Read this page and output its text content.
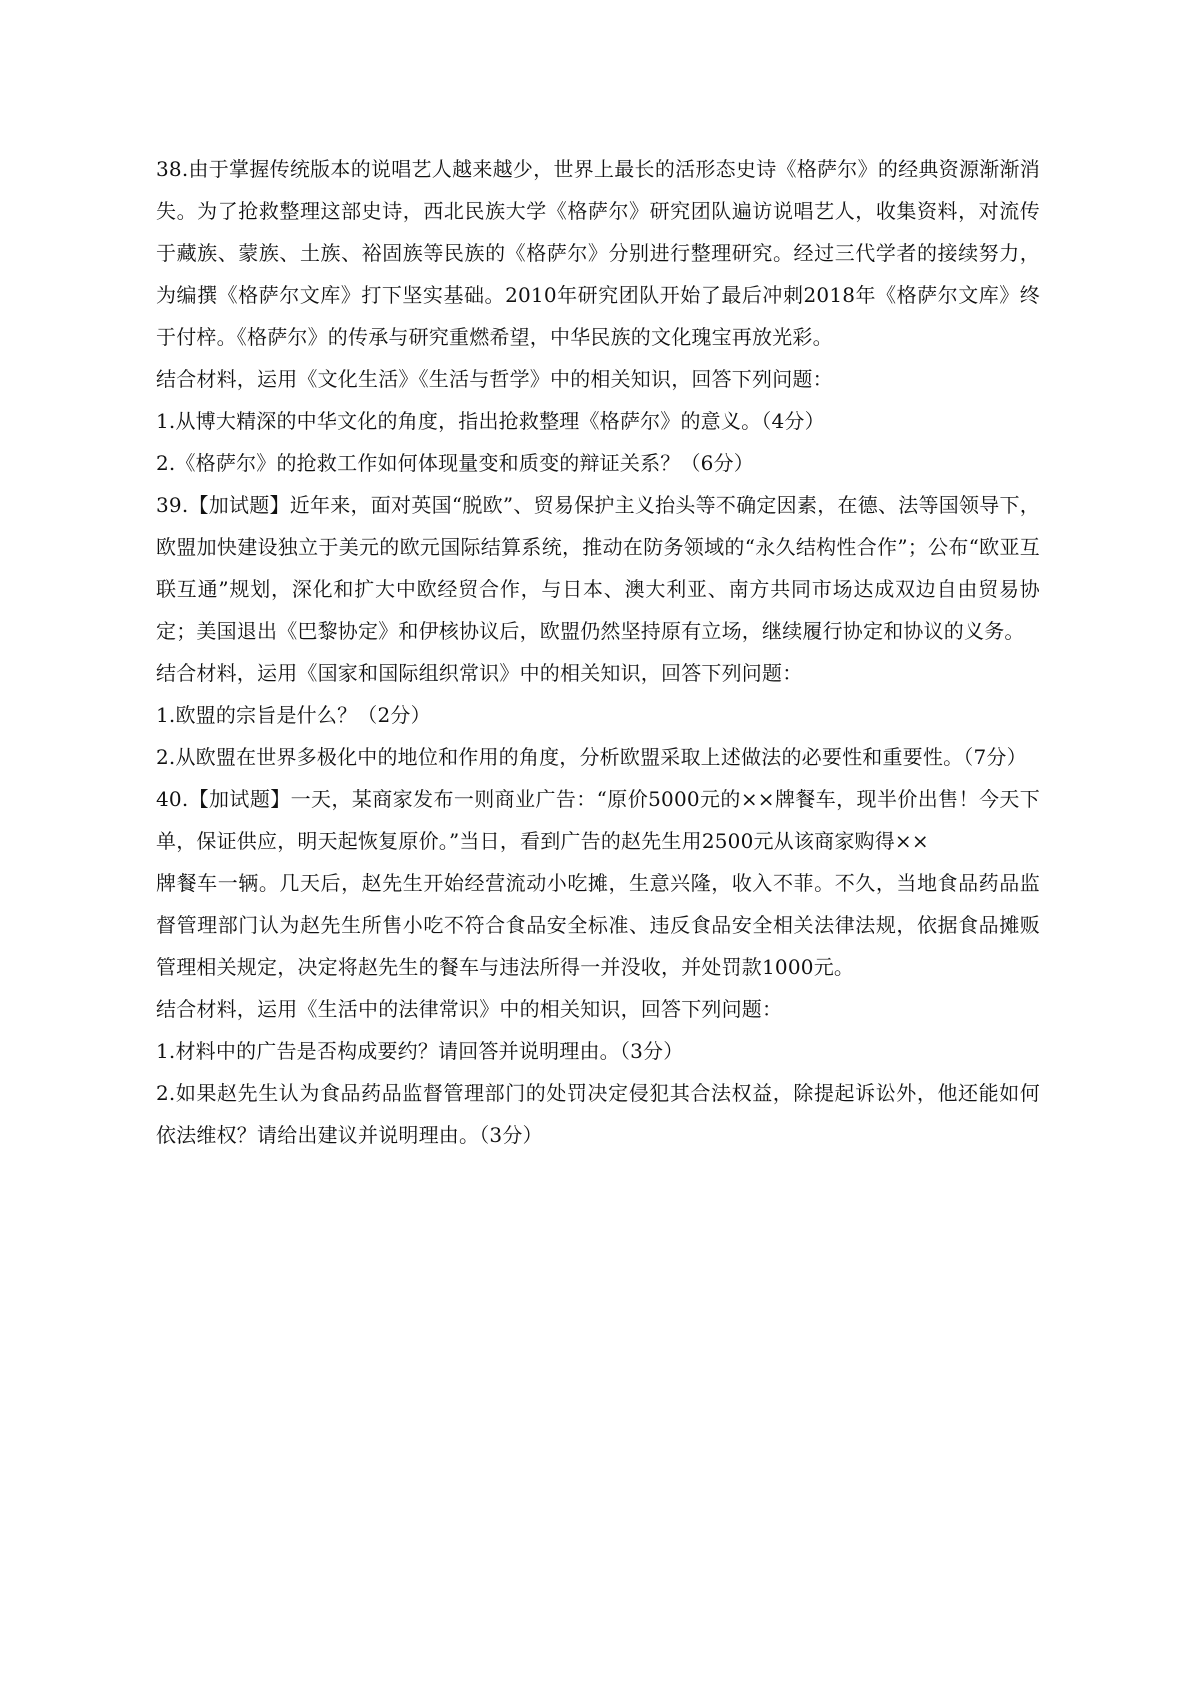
38.由于掌握传统版本的说唱艺人越来越少，世界上最长的活形态史诗《格萨尔》的经典资源渐渐消失。为了抢救整理这部史诗，西北民族大学《格萨尔》研究团队遍访说唱艺人，收集资料，对流传于藏族、蒙族、土族、裕固族等民族的《格萨尔》分别进行整理研究。经过三代学者的接续努力，为编撰《格萨尔文库》打下坚实基础。2010年研究团队开始了最后冲刺2018年《格萨尔文库》终于付梓。《格萨尔》的传承与研究重燃希望，中华民族的文化瑰宝再放光彩。

结合材料，运用《文化生活》《生活与哲学》中的相关知识，回答下列问题：

1.从博大精深的中华文化的角度，指出抢救整理《格萨尔》的意义。（4分）

2.《格萨尔》的抢救工作如何体现量变和质变的辩证关系？（6分）

39.【加试题】近年来，面对英国“脱欧”、贸易保护主义抬头等不确定因素，在德、法等国领导下，欧盟加快建设独立于美元的欧元国际结算系统，推动在防务领域的“永久结构性合作”；公布“欧亚互联互通”规划，深化和扩大中欧经贸合作，与日本、澳大利亚、南方共同市场达成双边自由贸易协定；美国退出《巴黎协定》和伊核协议后，欧盟仍然坚持原有立场，继续履行协定和协议的义务。

结合材料，运用《国家和国际组织常识》中的相关知识，回答下列问题：

1.欧盟的宗旨是什么？（2分）

2.从欧盟在世界多极化中的地位和作用的角度，分析欧盟采取上述做法的必要性和重要性。（7分）

40.【加试题】一天，某商家发布一则商业广告：“原价5000元的××牌餐车，现半价出售！今天下单，保证供应，明天起恢复原价。”当日，看到广告的赵先生用2500元从该商家购得××

牌餐车一辆。几天后，赵先生开始经营流动小吃摊，生意兴隆，收入不菲。不久，当地食品药品监督管理部门认为赵先生所售小吃不符合食品安全标准、违反食品安全相关法律法规，依据食品摊贩管理相关规定，决定将赵先生的餐车与违法所得一并没收，并处罚款1000元。

结合材料，运用《生活中的法律常识》中的相关知识，回答下列问题：

1.材料中的广告是否构成要约？请回答并说明理由。（3分）

2.如果赵先生认为食品药品监督管理部门的处罚决定侵犯其合法权益，除提起诉讼外，他还能如何依法维权？请给出建议并说明理由。（3分）
